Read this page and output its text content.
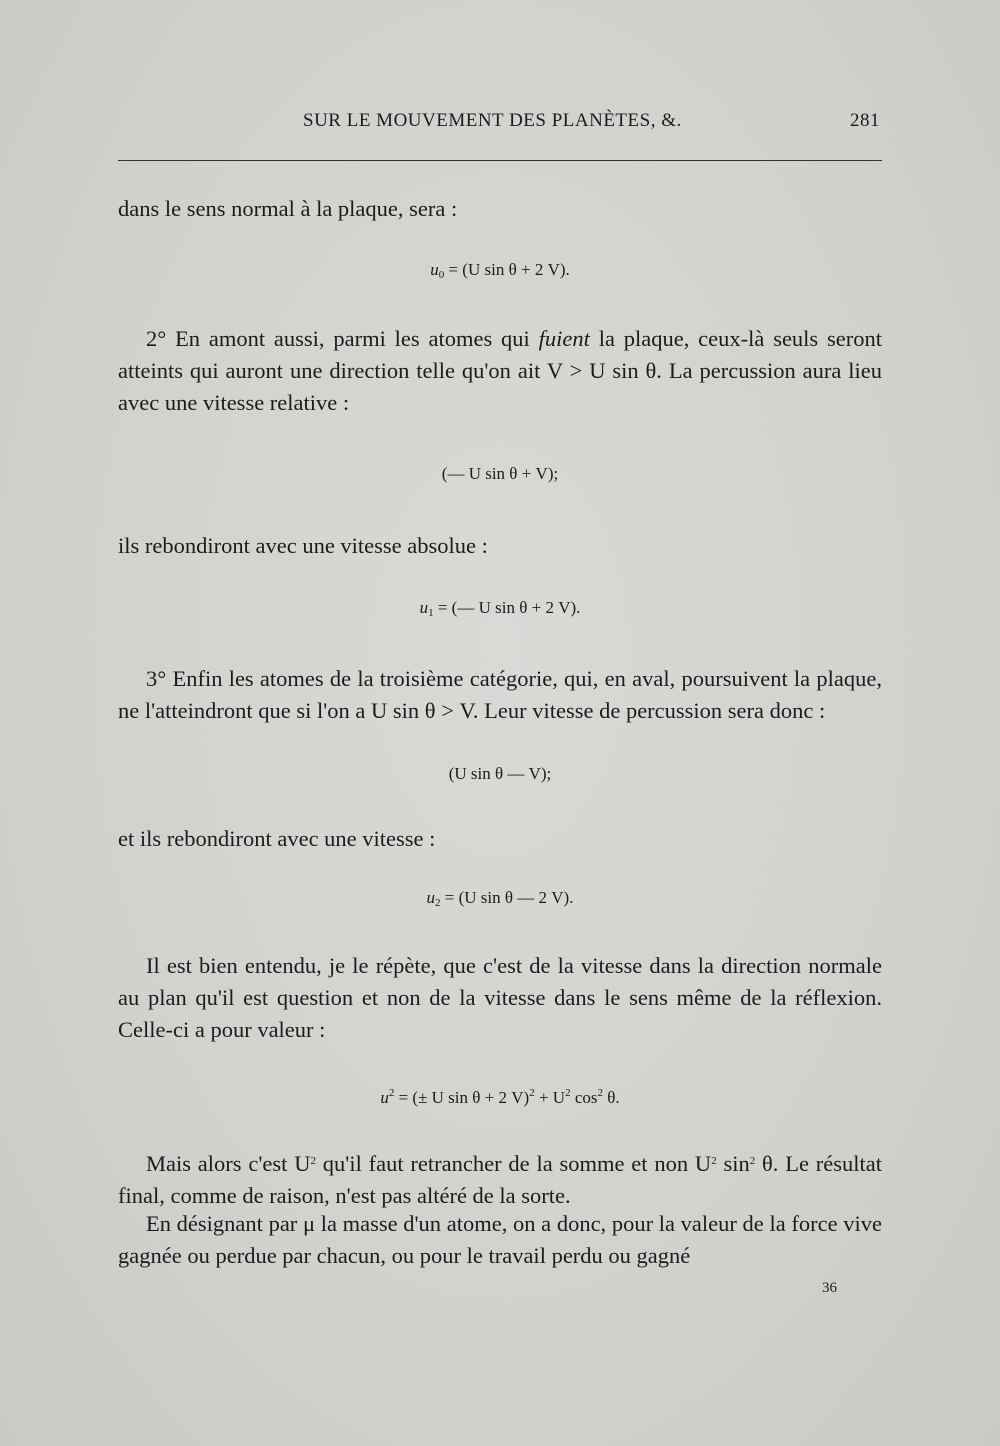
SUR LE MOUVEMENT DES PLANÈTES, &.	281

dans le sens normal à la plaque, sera :

$u_0 = (U$ sin θ + 2 V).

2° En amont aussi, parmi les atomes qui fuient la plaque, ceux-là seuls seront atteints qui auront une direction telle qu'on ait V > U sin θ. La percussion aura lieu avec une vitesse relative :

(— U sin θ + V);

ils rebondiront avec une vitesse absolue :

$u_1$ = (— U sin θ + 2 V).

3° Enfin les atomes de la troisième catégorie, qui, en aval, poursuivent la plaque, ne l'atteindront que si l'on a U sin θ > V. Leur vitesse de percussion sera donc :

(U sin θ — V);

et ils rebondiront avec une vitesse :

$u_2 = (U$ sin θ — 2 V).

Il est bien entendu, je le répète, que c'est de la vitesse dans la direction normale au plan qu'il est question et non de la vitesse dans le sens même de la réflexion. Celle-ci a pour valeur :

$u^2$ = (± U sin θ + 2 $V)^2 + U^2$ $\cos^2 \theta$.

Mais alors c'est $U^2$ qu'il faut retrancher de la somme et non $U^2$ $\sin^2 \theta$. Le résultat final, comme de raison, n'est pas altéré de la sorte.

En désignant par μ la masse d'un atome, on a donc, pour la valeur de la force vive gagnée ou perdue par chacun, ou pour le travail perdu ou gagné

36
